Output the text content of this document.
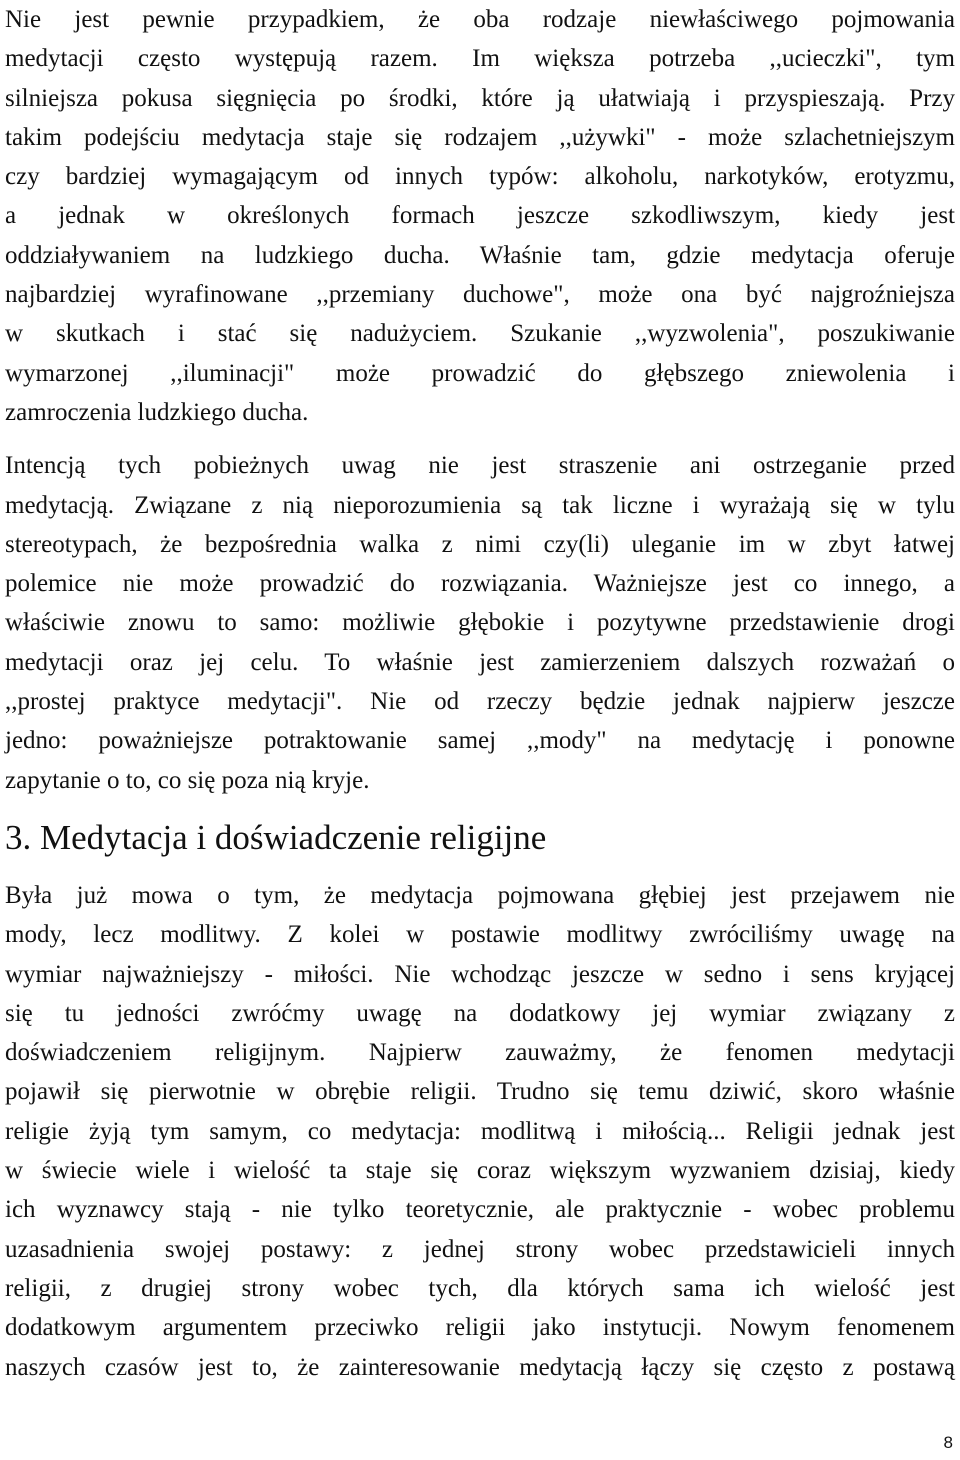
Nie jest pewnie przypadkiem, że oba rodzaje niewłaściwego pojmowania
medytacji często występują razem. Im większa potrzeba ,,ucieczki", tym
silniejsza pokusa sięgnięcia po środki, które ją ułatwiają i przyspieszają. Przy
takim podejściu medytacja staje się rodzajem ,,używki" - może szlachetniejszym
czy bardziej wymagającym od innych typów: alkoholu, narkotyków, erotyzmu,
a jednak w określonych formach jeszcze szkodliwszym, kiedy jest
oddziaływaniem na ludzkiego ducha. Właśnie tam, gdzie medytacja oferuje
najbardziej wyrafinowane ,,przemiany duchowe", może ona być najgroźniejsza
w skutkach i stać się nadużyciem. Szukanie ,,wyzwolenia", poszukiwanie
wymarzonej ,,iluminacji" może prowadzić do głębszego zniewolenia i
zamroczenia ludzkiego ducha.

Intencją tych pobieżnych uwag nie jest straszenie ani ostrzeganie przed
medytacją. Związane z nią nieporozumienia są tak liczne i wyrażają się w tylu
stereotypach, że bezpośrednia walka z nimi czy(li) uleganie im w zbyt łatwej
polemice nie może prowadzić do rozwiązania. Ważniejsze jest co innego, a
właściwie znowu to samo: możliwie głębokie i pozytywne przedstawienie drogi
medytacji oraz jej celu. To właśnie jest zamierzeniem dalszych rozważań o
,,prostej praktyce medytacji". Nie od rzeczy będzie jednak najpierw jeszcze
jedno: poważniejsze potraktowanie samej ,,mody" na medytację i ponowne
zapytanie o to, co się poza nią kryje.

3. Medytacja i doświadczenie religijne

Była już mowa o tym, że medytacja pojmowana głębiej jest przejawem nie
mody, lecz modlitwy. Z kolei w postawie modlitwy zwróciliśmy uwagę na
wymiar najważniejszy - miłości. Nie wchodząc jeszcze w sedno i sens kryjącej
się tu jedności zwróćmy uwagę na dodatkowy jej wymiar związany z
doświadczeniem religijnym. Najpierw zauważmy, że fenomen medytacji
pojawił się pierwotnie w obrębie religii. Trudno się temu dziwić, skoro właśnie
religie żyją tym samym, co medytacja: modlitwą i miłością... Religii jednak jest
w świecie wiele i wielość ta staje się coraz większym wyzwaniem dzisiaj, kiedy
ich wyznawcy stają - nie tylko teoretycznie, ale praktycznie - wobec problemu
uzasadnienia swojej postawy: z jednej strony wobec przedstawicieli innych
religii, z drugiej strony wobec tych, dla których sama ich wielość jest
dodatkowym argumentem przeciwko religii jako instytucji. Nowym fenomenem
naszych czasów jest to, że zainteresowanie medytacją łączy się często z postawą

8
